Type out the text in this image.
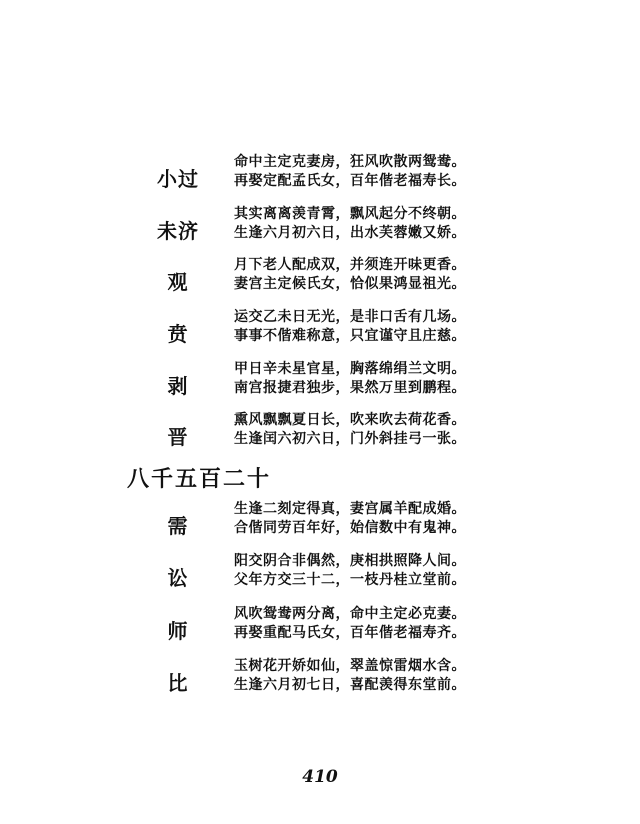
小过
命中主定克妻房，狂风吹散两鸳鸯。
再娶定配孟氏女，百年偕老福寿长。
未济
其实离离羡青霄，飘风起分不终朝。
生逢六月初六日，出水芙蓉嫩又娇。
观
月下老人配成双，并须连开味更香。
妻宫主定候氏女，恰似果鸿显祖光。
贲
运交乙未日无光，是非口舌有几场。
事事不偕难称意，只宜谨守且庄慈。
剥
甲日辛未星官星，胸落绵绢兰文明。
南宫报捷君独步，果然万里到鹏程。
晋
熏风飘飘夏日长，吹来吹去荷花香。
生逢闰六初六日，门外斜挂弓一张。
八千五百二十
需
生逢二刻定得真，妻宫属羊配成婚。
合偕同劳百年好，始信数中有鬼神。
讼
阳交阴合非偶然，庚相拱照降人间。
父年方交三十二，一枝丹桂立堂前。
师
风吹鸳鸯两分离，命中主定必克妻。
再娶重配马氏女，百年偕老福寿齐。
比
玉树花开娇如仙，翠盖惊雷烟水含。
生逢六月初七日，喜配羡得东堂前。
410
